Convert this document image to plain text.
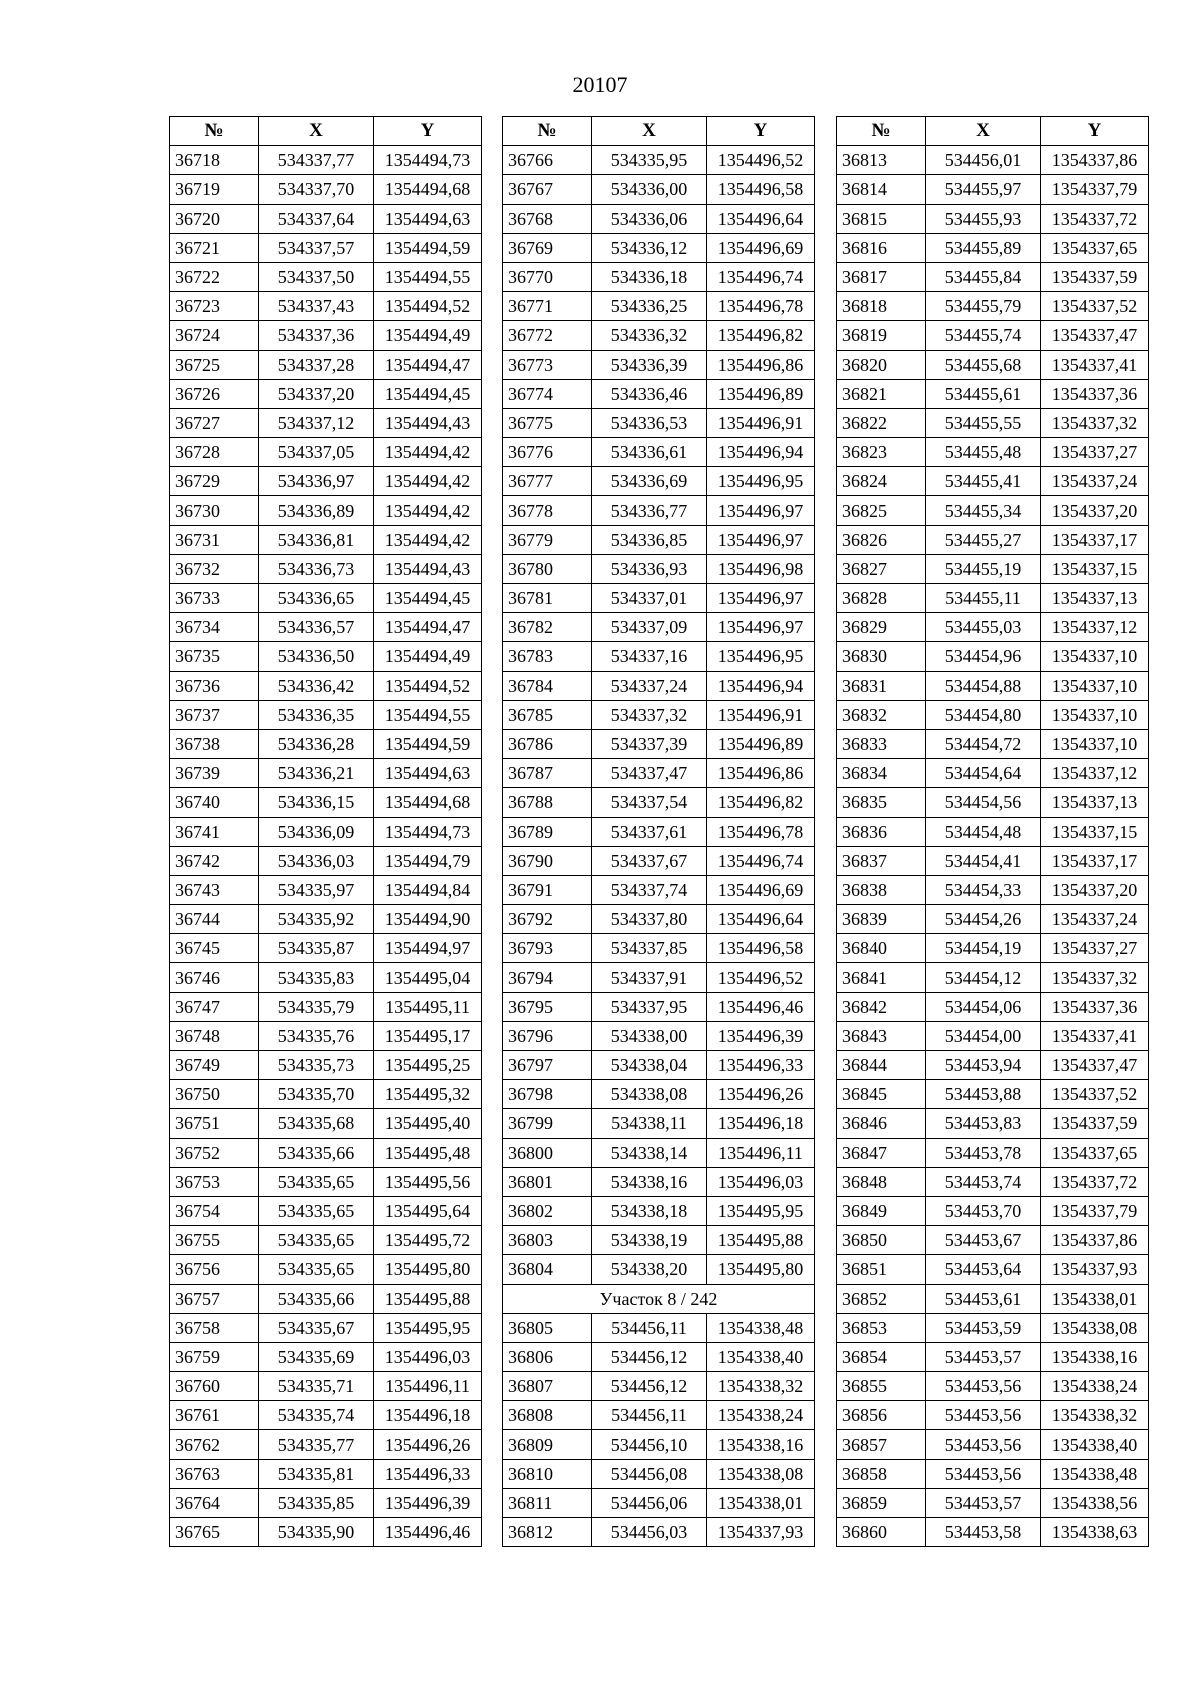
20107
№	X	Y
36718	534337,77	1354494,73
36719	534337,70	1354494,68
36720	534337,64	1354494,63
36721	534337,57	1354494,59
36722	534337,50	1354494,55
36723	534337,43	1354494,52
36724	534337,36	1354494,49
36725	534337,28	1354494,47
36726	534337,20	1354494,45
36727	534337,12	1354494,43
36728	534337,05	1354494,42
36729	534336,97	1354494,42
36730	534336,89	1354494,42
36731	534336,81	1354494,42
36732	534336,73	1354494,43
36733	534336,65	1354494,45
36734	534336,57	1354494,47
36735	534336,50	1354494,49
36736	534336,42	1354494,52
36737	534336,35	1354494,55
36738	534336,28	1354494,59
36739	534336,21	1354494,63
36740	534336,15	1354494,68
36741	534336,09	1354494,73
36742	534336,03	1354494,79
36743	534335,97	1354494,84
36744	534335,92	1354494,90
36745	534335,87	1354494,97
36746	534335,83	1354495,04
36747	534335,79	1354495,11
36748	534335,76	1354495,17
36749	534335,73	1354495,25
36750	534335,70	1354495,32
36751	534335,68	1354495,40
36752	534335,66	1354495,48
36753	534335,65	1354495,56
36754	534335,65	1354495,64
36755	534335,65	1354495,72
36756	534335,65	1354495,80
36757	534335,66	1354495,88
36758	534335,67	1354495,95
36759	534335,69	1354496,03
36760	534335,71	1354496,11
36761	534335,74	1354496,18
36762	534335,77	1354496,26
36763	534335,81	1354496,33
36764	534335,85	1354496,39
36765	534335,90	1354496,46
№	X	Y
36766	534335,95	1354496,52
36767	534336,00	1354496,58
36768	534336,06	1354496,64
36769	534336,12	1354496,69
36770	534336,18	1354496,74
36771	534336,25	1354496,78
36772	534336,32	1354496,82
36773	534336,39	1354496,86
36774	534336,46	1354496,89
36775	534336,53	1354496,91
36776	534336,61	1354496,94
36777	534336,69	1354496,95
36778	534336,77	1354496,97
36779	534336,85	1354496,97
36780	534336,93	1354496,98
36781	534337,01	1354496,97
36782	534337,09	1354496,97
36783	534337,16	1354496,95
36784	534337,24	1354496,94
36785	534337,32	1354496,91
36786	534337,39	1354496,89
36787	534337,47	1354496,86
36788	534337,54	1354496,82
36789	534337,61	1354496,78
36790	534337,67	1354496,74
36791	534337,74	1354496,69
36792	534337,80	1354496,64
36793	534337,85	1354496,58
36794	534337,91	1354496,52
36795	534337,95	1354496,46
36796	534338,00	1354496,39
36797	534338,04	1354496,33
36798	534338,08	1354496,26
36799	534338,11	1354496,18
36800	534338,14	1354496,11
36801	534338,16	1354496,03
36802	534338,18	1354495,95
36803	534338,19	1354495,88
36804	534338,20	1354495,80
Участок 8 / 242		
36805	534456,11	1354338,48
36806	534456,12	1354338,40
36807	534456,12	1354338,32
36808	534456,11	1354338,24
36809	534456,10	1354338,16
36810	534456,08	1354338,08
36811	534456,06	1354338,01
36812	534456,03	1354337,93
№	X	Y
36813	534456,01	1354337,86
36814	534455,97	1354337,79
36815	534455,93	1354337,72
36816	534455,89	1354337,65
36817	534455,84	1354337,59
36818	534455,79	1354337,52
36819	534455,74	1354337,47
36820	534455,68	1354337,41
36821	534455,61	1354337,36
36822	534455,55	1354337,32
36823	534455,48	1354337,27
36824	534455,41	1354337,24
36825	534455,34	1354337,20
36826	534455,27	1354337,17
36827	534455,19	1354337,15
36828	534455,11	1354337,13
36829	534455,03	1354337,12
36830	534454,96	1354337,10
36831	534454,88	1354337,10
36832	534454,80	1354337,10
36833	534454,72	1354337,10
36834	534454,64	1354337,12
36835	534454,56	1354337,13
36836	534454,48	1354337,15
36837	534454,41	1354337,17
36838	534454,33	1354337,20
36839	534454,26	1354337,24
36840	534454,19	1354337,27
36841	534454,12	1354337,32
36842	534454,06	1354337,36
36843	534454,00	1354337,41
36844	534453,94	1354337,47
36845	534453,88	1354337,52
36846	534453,83	1354337,59
36847	534453,78	1354337,65
36848	534453,74	1354337,72
36849	534453,70	1354337,79
36850	534453,67	1354337,86
36851	534453,64	1354337,93
36852	534453,61	1354338,01
36853	534453,59	1354338,08
36854	534453,57	1354338,16
36855	534453,56	1354338,24
36856	534453,56	1354338,32
36857	534453,56	1354338,40
36858	534453,56	1354338,48
36859	534453,57	1354338,56
36860	534453,58	1354338,63
